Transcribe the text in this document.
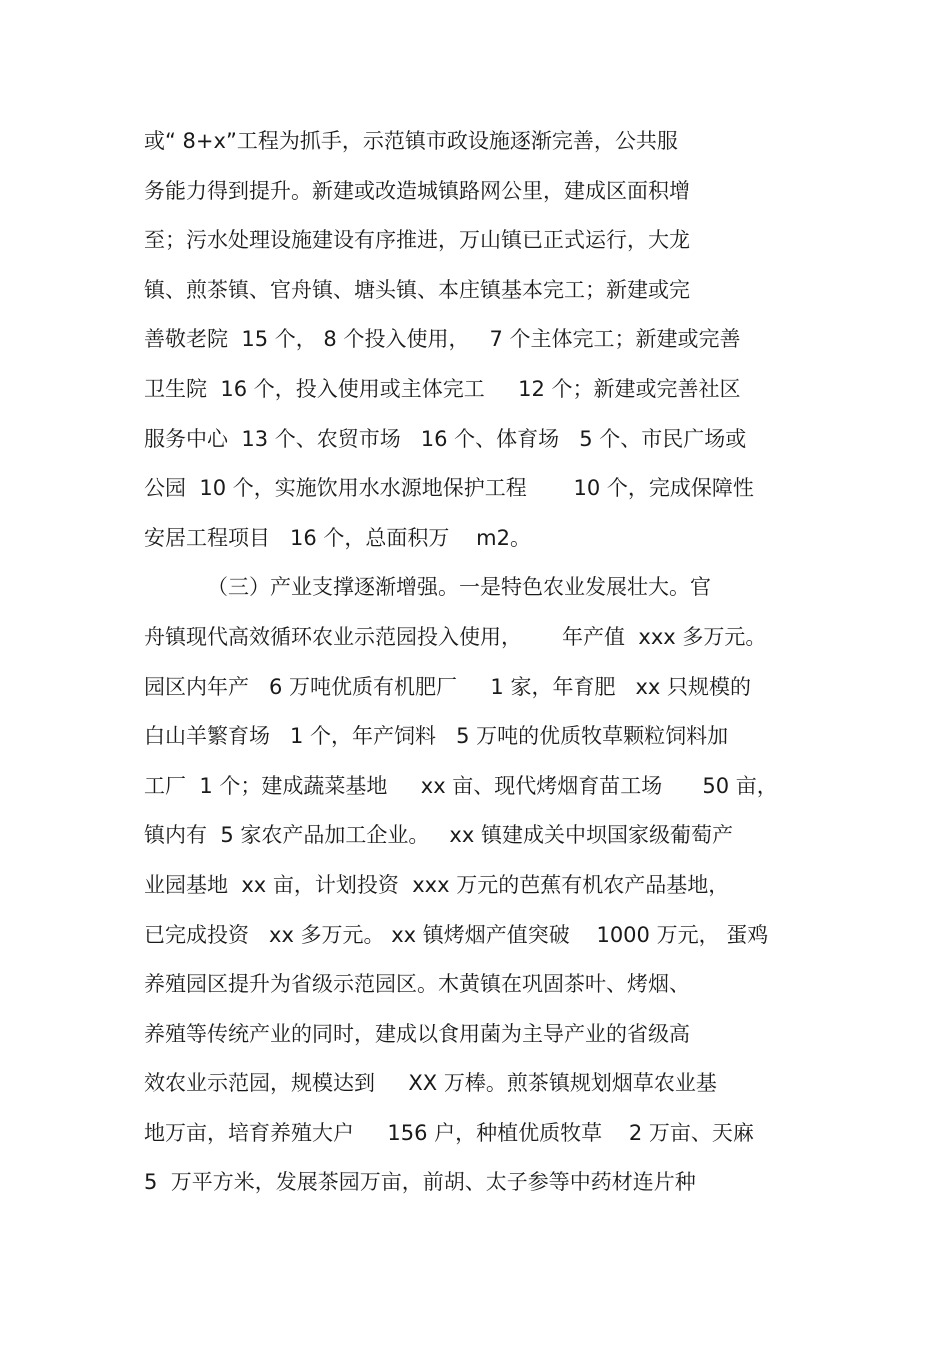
或“ 8+x”工程为抓手，示范镇市政设施逐渐完善，公共服
务能力得到提升。新建或改造城镇路网公里，建成区面积增
至；污水处理设施建设有序推进，万山镇已正式运行，大龙
镇、煎茶镇、官舟镇、塘头镇、本庄镇基本完工；新建或完
善敬老院  15 个， 8 个投入使用，   7 个主体完工；新建或完善
卫生院  16 个，投入使用或主体完工     12 个；新建或完善社区
服务中心  13 个、农贸市场   16 个、体育场   5 个、市民广场或
公园  10 个，实施饮用水水源地保护工程       10 个，完成保障性
安居工程项目   16 个，总面积万    m2。
（三）产业支撑逐渐增强。一是特色农业发展壮大。官
舟镇现代高效循环农业示范园投入使用，      年产值  xxx 多万元。
园区内年产   6 万吨优质有机肥厂     1 家，年育肥   xx 只规模的
白山羊繁育场   1 个，年产饲料   5 万吨的优质牧草颗粒饲料加
工厂  1 个；建成蔬菜基地     xx 亩、现代烤烟育苗工场      50 亩，
镇内有  5 家农产品加工企业。   xx 镇建成关中坝国家级葡萄产
业园基地  xx 亩，计划投资  xxx 万元的芭蕉有机农产品基地，
已完成投资   xx 多万元。 xx 镇烤烟产值突破    1000 万元， 蛋鸡
养殖园区提升为省级示范园区。木黄镇在巩固茶叶、烤烟、
养殖等传统产业的同时，建成以食用菌为主导产业的省级高
效农业示范园，规模达到     XX 万棒。煎茶镇规划烟草农业基
地万亩，培育养殖大户     156 户，种植优质牧草    2 万亩、天麻
5  万平方米，发展茶园万亩，前胡、太子参等中药材连片种
